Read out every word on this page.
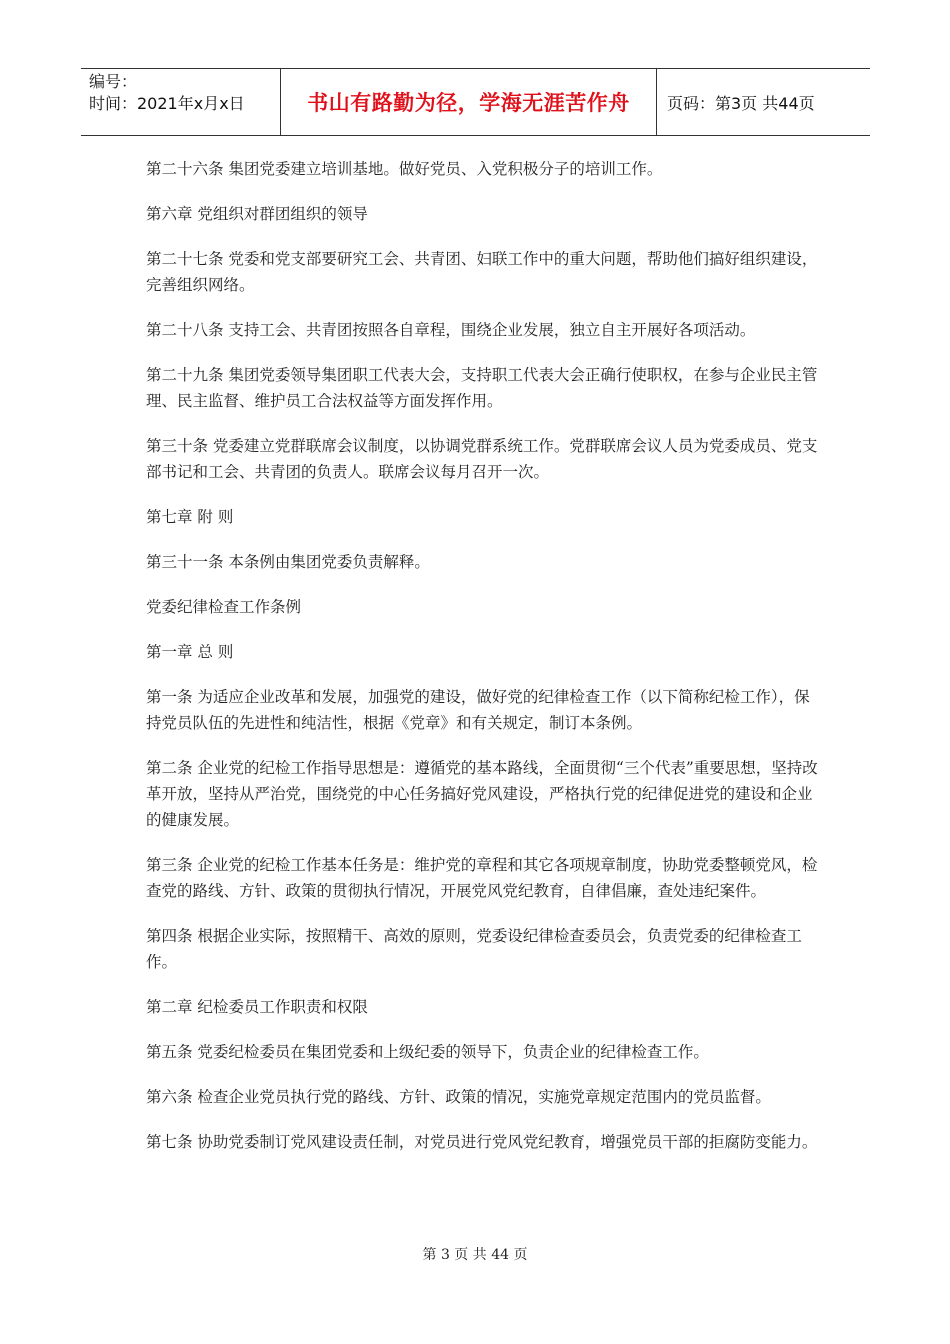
编号：
时间：2021年x月x日	书山有路勤为径，学海无涯苦作舟	页码：第3页 共44页

第二十六条 集团党委建立培训基地。做好党员、入党积极分子的培训工作。

第六章 党组织对群团组织的领导

第二十七条 党委和党支部要研究工会、共青团、妇联工作中的重大问题，帮助他们搞好组织建设，完善组织网络。

第二十八条 支持工会、共青团按照各自章程，围绕企业发展，独立自主开展好各项活动。

第二十九条 集团党委领导集团职工代表大会，支持职工代表大会正确行使职权，在参与企业民主管理、民主监督、维护员工合法权益等方面发挥作用。

第三十条 党委建立党群联席会议制度，以协调党群系统工作。党群联席会议人员为党委成员、党支部书记和工会、共青团的负责人。联席会议每月召开一次。

第七章 附 则

第三十一条 本条例由集团党委负责解释。

党委纪律检查工作条例

第一章 总 则

第一条 为适应企业改革和发展，加强党的建设，做好党的纪律检查工作（以下简称纪检工作），保持党员队伍的先进性和纯洁性，根据《党章》和有关规定，制订本条例。

第二条 企业党的纪检工作指导思想是：遵循党的基本路线，全面贯彻“三个代表”重要思想，坚持改革开放，坚持从严治党，围绕党的中心任务搞好党风建设，严格执行党的纪律促进党的建设和企业的健康发展。

第三条 企业党的纪检工作基本任务是：维护党的章程和其它各项规章制度，协助党委整顿党风，检查党的路线、方针、政策的贯彻执行情况，开展党风党纪教育，自律倡廉，查处违纪案件。

第四条 根据企业实际，按照精干、高效的原则，党委设纪律检查委员会，负责党委的纪律检查工作。

第二章 纪检委员工作职责和权限

第五条 党委纪检委员在集团党委和上级纪委的领导下，负责企业的纪律检查工作。

第六条 检查企业党员执行党的路线、方针、政策的情况，实施党章规定范围内的党员监督。

第七条 协助党委制订党风建设责任制，对党员进行党风党纪教育，增强党员干部的拒腐防变能力。

第 3 页 共 44 页
